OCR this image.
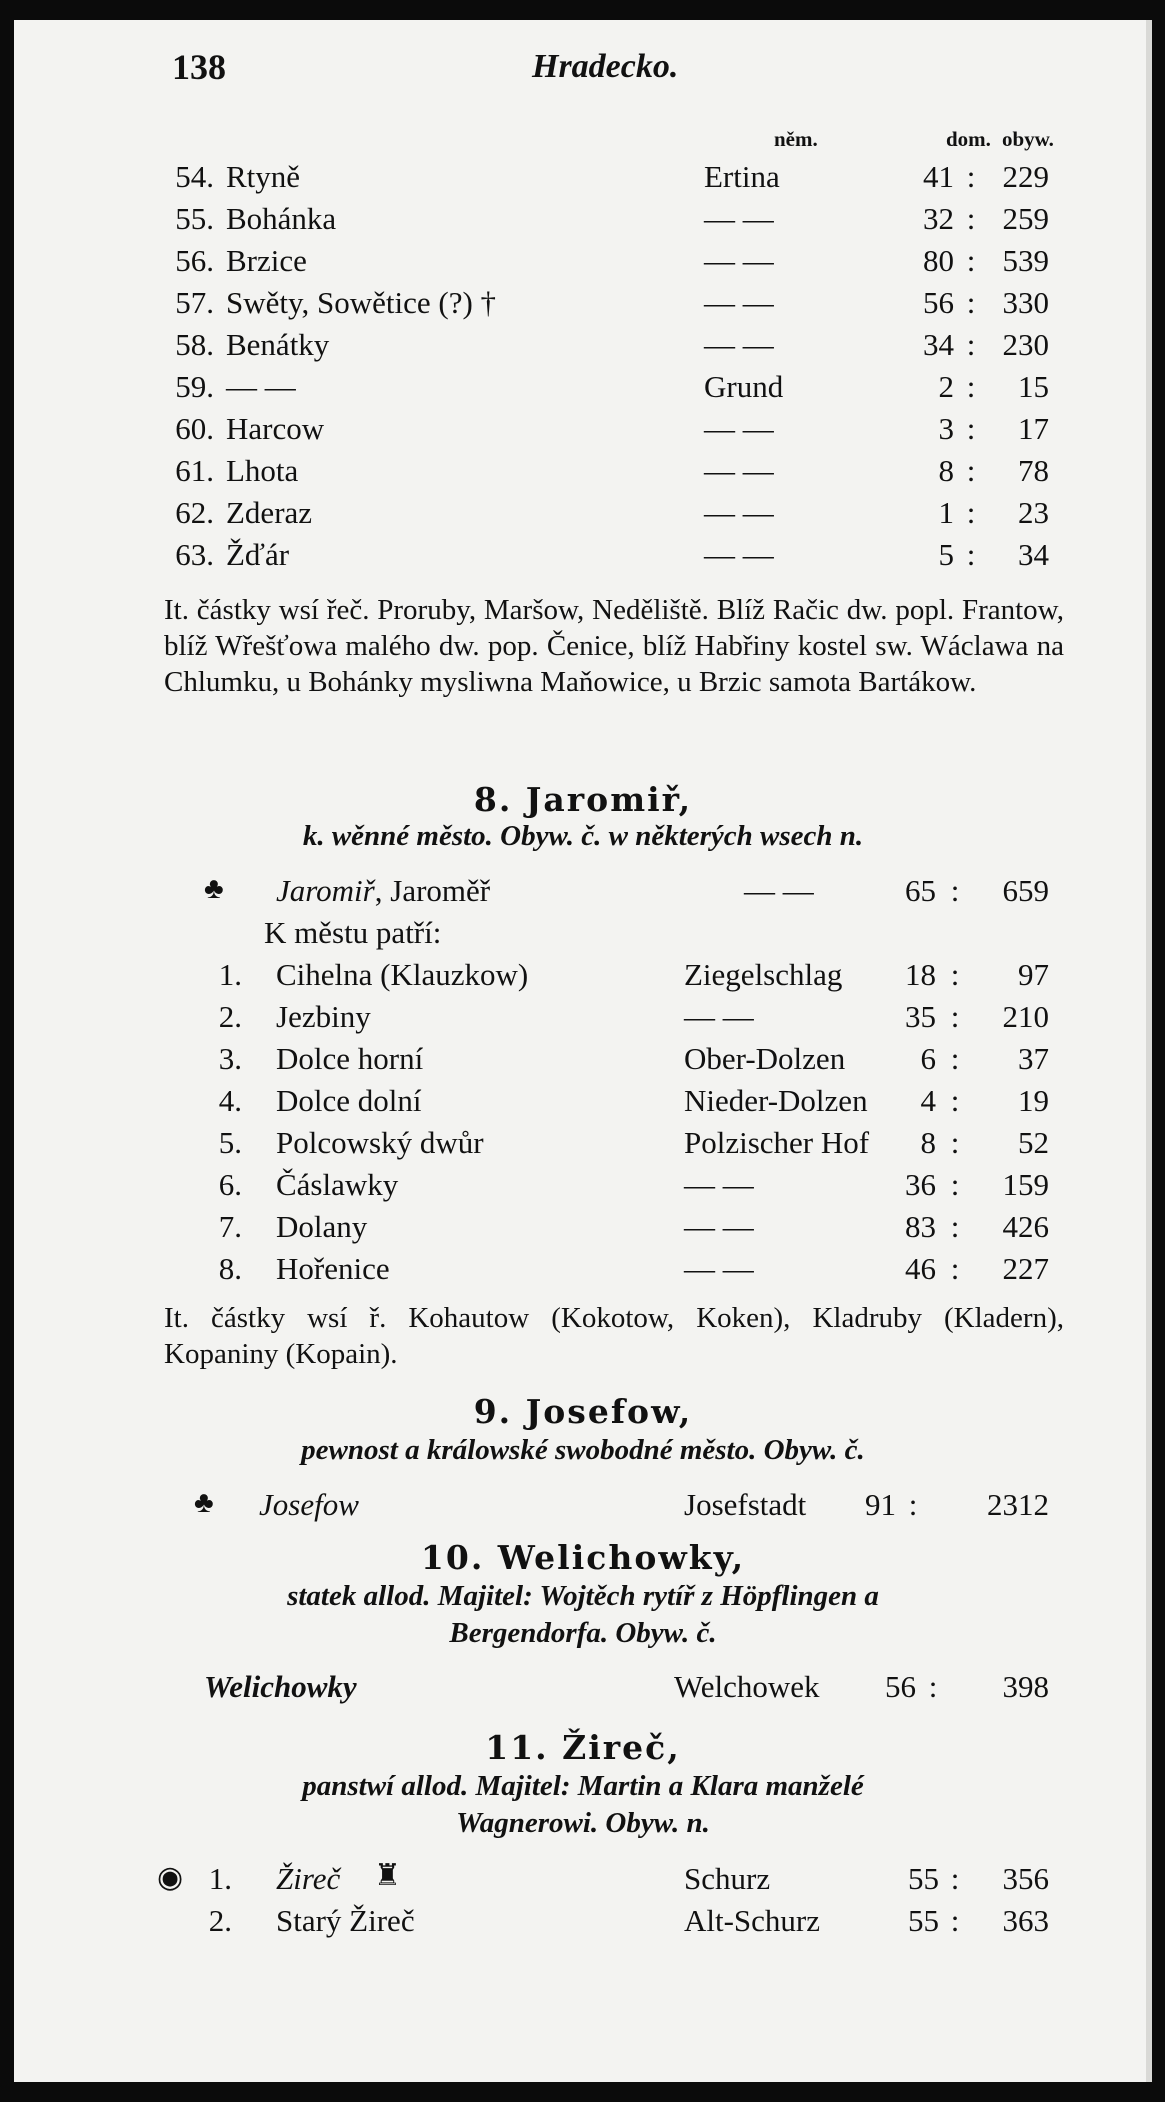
138	Hradecko.
něm.	dom. obyw.
54. Rtyně	Ertina	41 : 229
55. Bohánka	— —	32 : 259
56. Brzice	— —	80 : 539
57. Swěty, Sowětice (?) †	— —	56 : 330
58. Benátky	— —	34 : 230
59. — —	Grund	2 :	15
60. Harcow	— —	3 :	17
61. Lhota	— —	8 :	78
62. Zderaz	— —	1 :	23
63. Žďár	— —	5 :	34
It. částky wsí řeč. Proruby, Maršow, Neděliště. Blíž Račic dw. popl. Frantow, blíž Wřešťowa malého dw. pop. Čenice, blíž Habřiny kostel sw. Wáclawa na Chlumku, u Bohánky mysliwna Maňowice, u Brzic samota Bartákow.
8. Jaromiř,
k. wěnné město. Obyw. č. w některých wsech n.
♣ Jaromiř, Jaroměř	— —	65 :	659
K městu patří:
1. Cihelna (Klauzkow)	Ziegelschlag	18 :	97
2. Jezbiny	— —	35 :	210
3. Dolce horní	Ober-Dolzen	6 :	37
4. Dolce dolní	Nieder-Dolzen	4 :	19
5. Polcowský dwůr	Polzischer Hof	8 :	52
6. Čáslawky	— —	36 :	159
7. Dolany	— —	83 :	426
8. Hořenice	— —	46 :	227
It. částky wsí ř. Kohautow (Kokotow, Koken), Kladruby (Kladern), Kopaniny (Kopain).
9. Josefow,
pewnost a králowské swobodné město. Obyw. č.
♣ Josefow	Josefstadt	91 :	2312
10. Welichowky,
statek allod. Majitel: Wojtěch rytíř z Höpflingen a
Bergendorfa. Obyw. č.
Welichowky	Welchowek	56 :	398
11. Žireč,
panstwí allod. Majitel: Martin a Klara manželé
Wagnerowi. Obyw. n.
◉	♜
1. Žireč	Schurz	55 :	356
2. Starý Žireč	Alt-Schurz	55 :	363
